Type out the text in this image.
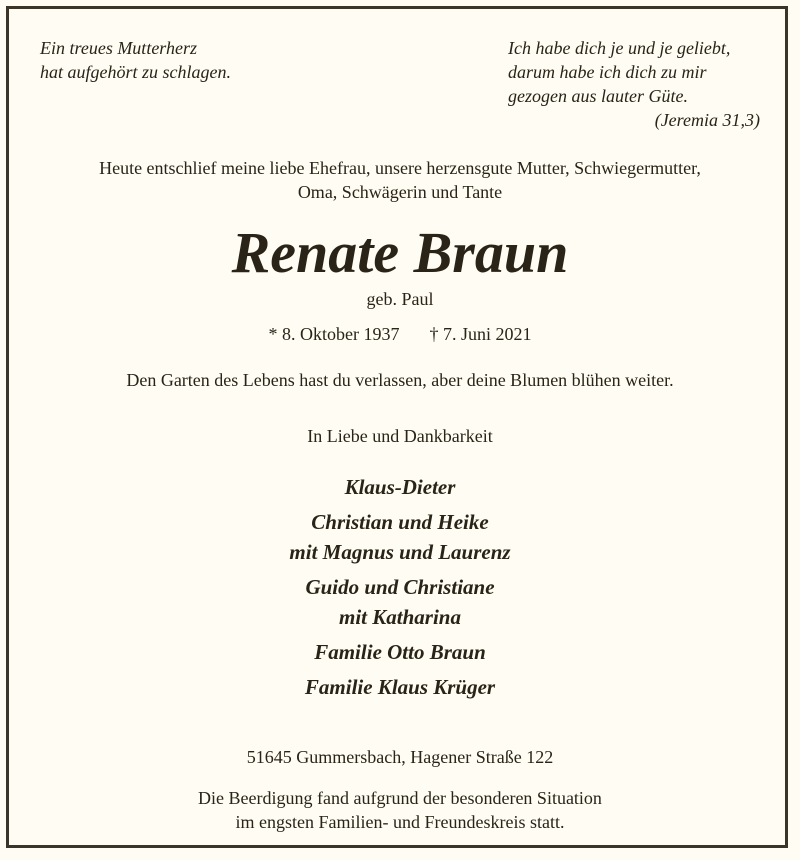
Ein treues Mutterherz
hat aufgehört zu schlagen.
Ich habe dich je und je geliebt,
darum habe ich dich zu mir
gezogen aus lauter Güte.
(Jeremia 31,3)
Heute entschlief meine liebe Ehefrau, unsere herzensgute Mutter, Schwiegermutter,
Oma, Schwägerin und Tante
Renate Braun
geb. Paul
* 8. Oktober 1937 † 7. Juni 2021
Den Garten des Lebens hast du verlassen, aber deine Blumen blühen weiter.
In Liebe und Dankbarkeit
Klaus-Dieter
Christian und Heike
mit Magnus und Laurenz
Guido und Christiane
mit Katharina
Familie Otto Braun
Familie Klaus Krüger
51645 Gummersbach, Hagener Straße 122
Die Beerdigung fand aufgrund der besonderen Situation
im engsten Familien- und Freundeskreis statt.
